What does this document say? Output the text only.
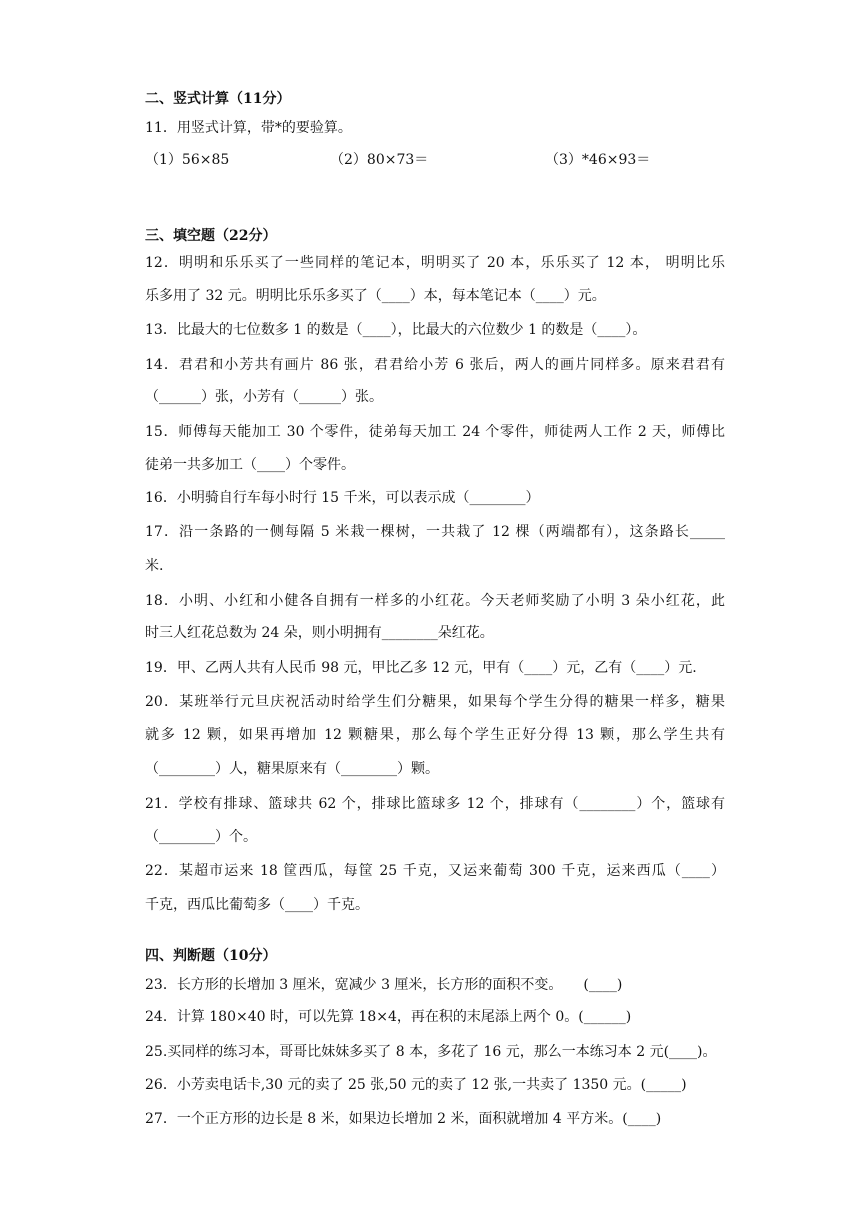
二、竖式计算（11分）
11．用竖式计算，带*的要验算。
（1）56×85	（2）80×73＝	（3）*46×93＝
三、填空题（22分）
12．明明和乐乐买了一些同样的笔记本，明明买了 20 本，乐乐买了 12 本， 明明比乐
乐多用了 32 元。明明比乐乐多买了（____）本，每本笔记本（____）元。
13．比最大的七位数多 1 的数是（____），比最大的六位数少 1 的数是（____）。
14．君君和小芳共有画片 86 张，君君给小芳 6 张后，两人的画片同样多。原来君君有
（______）张，小芳有（______）张。
15．师傅每天能加工 30 个零件，徒弟每天加工 24 个零件，师徒两人工作 2 天，师傅比
徒弟一共多加工（____）个零件。
16．小明骑自行车每小时行 15 千米，可以表示成（________）
17．沿一条路的一侧每隔 5 米栽一棵树，一共栽了 12 棵（两端都有），这条路长_____
米.
18．小明、小红和小健各自拥有一样多的小红花。今天老师奖励了小明 3 朵小红花，此
时三人红花总数为 24 朵，则小明拥有________朵红花。
19．甲、乙两人共有人民币 98 元，甲比乙多 12 元，甲有（____）元，乙有（____）元.
20．某班举行元旦庆祝活动时给学生们分糖果，如果每个学生分得的糖果一样多，糖果
就多 12 颗，如果再增加 12 颗糖果，那么每个学生正好分得 13 颗，那么学生共有
（________）人，糖果原来有（________）颗。
21．学校有排球、篮球共 62 个，排球比篮球多 12 个，排球有（________）个，篮球有
（________）个。
22．某超市运来 18 筐西瓜，每筐 25 千克，又运来葡萄 300 千克，运来西瓜（____）
千克，西瓜比葡萄多（____）千克。
四、判断题（10分）
23．长方形的长增加 3 厘米，宽减少 3 厘米，长方形的面积不变。　　(____)
24．计算 180×40 时，可以先算 18×4，再在积的末尾添上两个 0。(______)
25.买同样的练习本，哥哥比妹妹多买了 8 本，多花了 16 元，那么一本练习本 2 元(____)。
26．小芳卖电话卡,30 元的卖了 25 张,50 元的卖了 12 张,一共卖了 1350 元。(_____)
27．一个正方形的边长是 8 米，如果边长增加 2 米，面积就增加 4 平方米。(____)
